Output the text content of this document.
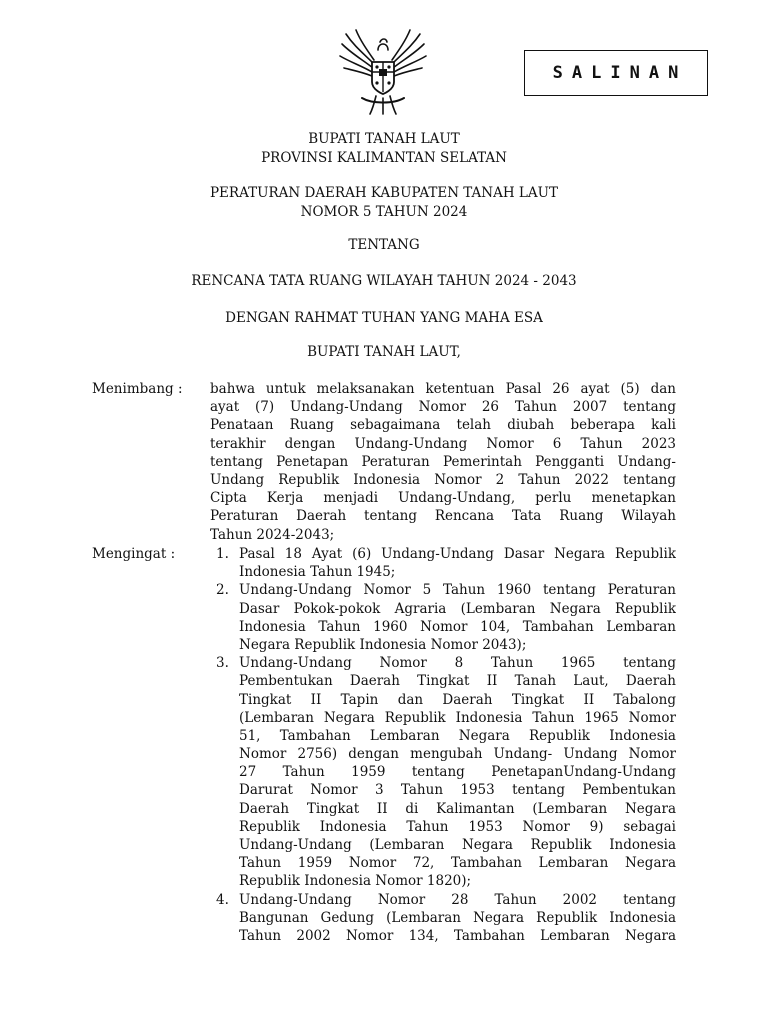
SALINAN
BUPATI TANAH LAUT
PROVINSI KALIMANTAN SELATAN
PERATURAN DAERAH KABUPATEN TANAH LAUT
NOMOR 5 TAHUN 2024
TENTANG
RENCANA TATA RUANG WILAYAH TAHUN 2024 - 2043
DENGAN RAHMAT TUHAN YANG MAHA ESA
BUPATI TANAH LAUT,
Menimbang :	bahwa untuk melaksanakan ketentuan Pasal 26 ayat (5) dan
ayat (7) Undang-Undang Nomor 26 Tahun 2007 tentang
Penataan Ruang sebagaimana telah diubah beberapa kali
terakhir dengan Undang-Undang Nomor 6 Tahun 2023
tentang Penetapan Peraturan Pemerintah Pengganti Undang-
Undang Republik Indonesia Nomor 2 Tahun 2022 tentang
Cipta Kerja menjadi Undang-Undang, perlu menetapkan
Peraturan Daerah tentang Rencana Tata Ruang Wilayah
Tahun 2024-2043;
Mengingat :	1. Pasal 18 Ayat (6) Undang-Undang Dasar Negara Republik
Indonesia Tahun 1945;
2. Undang-Undang Nomor 5 Tahun 1960 tentang Peraturan
Dasar Pokok-pokok Agraria (Lembaran Negara Republik
Indonesia Tahun 1960 Nomor 104, Tambahan Lembaran
Negara Republik Indonesia Nomor 2043);
3. Undang-Undang Nomor 8 Tahun 1965 tentang
Pembentukan Daerah Tingkat II Tanah Laut, Daerah
Tingkat II Tapin dan Daerah Tingkat II Tabalong
(Lembaran Negara Republik Indonesia Tahun 1965 Nomor
51, Tambahan Lembaran Negara Republik Indonesia
Nomor 2756) dengan mengubah Undang- Undang Nomor
27 Tahun 1959 tentang PenetapanUndang-Undang
Darurat Nomor 3 Tahun 1953 tentang Pembentukan
Daerah Tingkat II di Kalimantan (Lembaran Negara
Republik Indonesia Tahun 1953 Nomor 9) sebagai
Undang-Undang (Lembaran Negara Republik Indonesia
Tahun 1959 Nomor 72, Tambahan Lembaran Negara
Republik Indonesia Nomor 1820);
4. Undang-Undang Nomor 28 Tahun 2002 tentang
Bangunan Gedung (Lembaran Negara Republik Indonesia
Tahun 2002 Nomor 134, Tambahan Lembaran Negara
